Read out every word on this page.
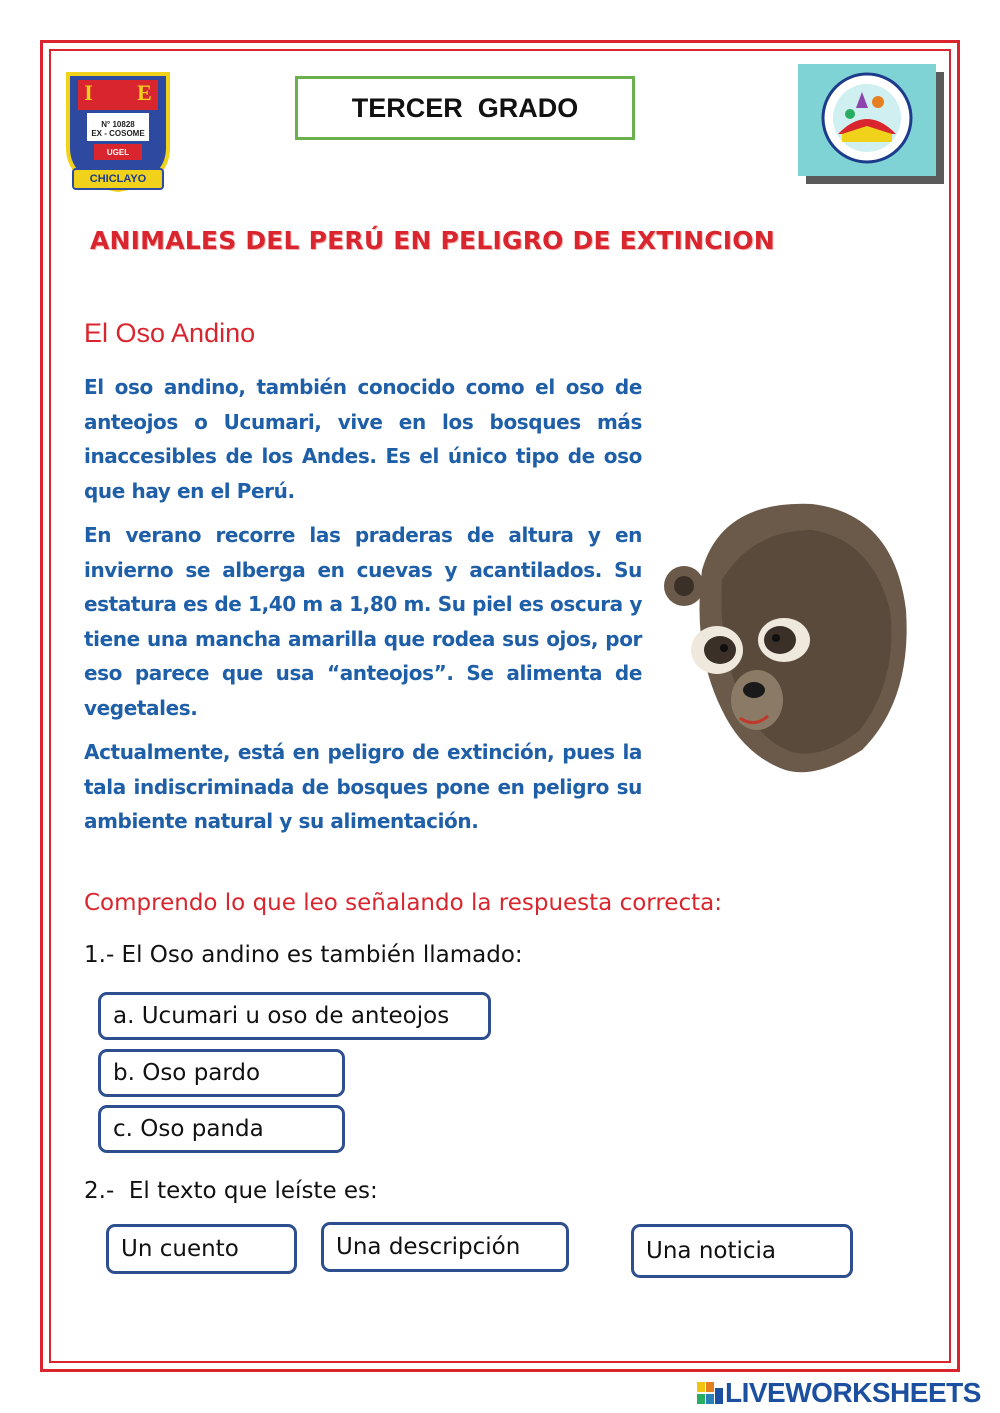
I E
N° 10828
EX - COSOME
UGEL
CHICLAYO
TERCER  GRADO
ANIMALES DEL PERÚ EN PELIGRO DE EXTINCION
El Oso Andino

El oso andino, también conocido como el oso de anteojos o Ucumari, vive en los bosques más inaccesibles de los Andes. Es el único tipo de oso que hay en el Perú.

En verano recorre las praderas de altura y en invierno se alberga en cuevas y acantilados. Su estatura es de 1,40 m a 1,80 m. Su piel es oscura y tiene una mancha amarilla que rodea sus ojos, por eso parece que usa “anteojos”. Se alimenta de vegetales.

Actualmente, está en peligro de extinción, pues la tala indiscriminada de bosques pone en peligro su ambiente natural y su alimentación.

Comprendo lo que leo señalando la respuesta correcta:
1.- El Oso andino es también llamado:
a. Ucumari u oso de anteojos
b. Oso pardo
c. Oso panda
2.-  El texto que leíste es:
Un cuento	Una descripción	Una noticia
LIVEWORKSHEETS
